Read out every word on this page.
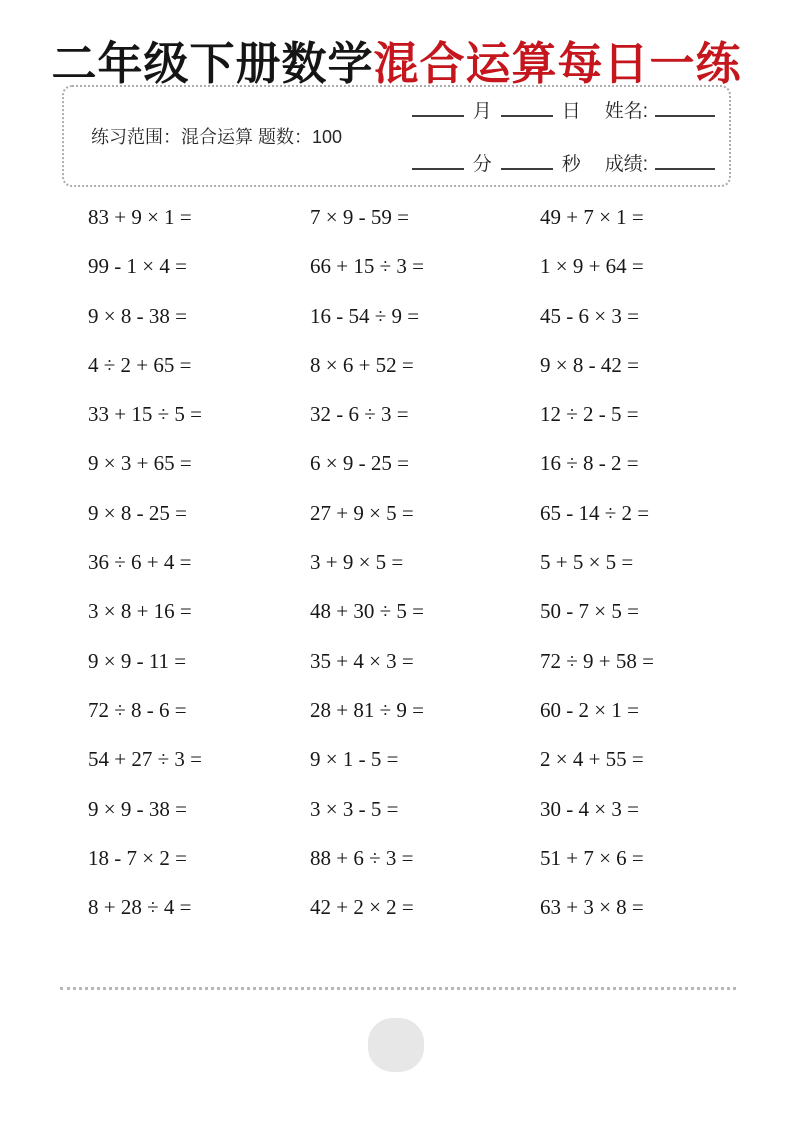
二年级下册数学混合运算每日一练
练习范围：混合运算 题数：100
月	日 姓名:
分	秒 成绩:
83 + 9 × 1 =	7 × 9 - 59 =	49 + 7 × 1 =
99 - 1 × 4 =	66 + 15 ÷ 3 =	1 × 9 + 64 =
9 × 8 - 38 =	16 - 54 ÷ 9 =	45 - 6 × 3 =
4 ÷ 2 + 65 =	8 × 6 + 52 =	9 × 8 - 42 =
33 + 15 ÷ 5 =	32 - 6 ÷ 3 =	12 ÷ 2 - 5 =
9 × 3 + 65 =	6 × 9 - 25 =	16 ÷ 8 - 2 =
9 × 8 - 25 =	27 + 9 × 5 =	65 - 14 ÷ 2 =
36 ÷ 6 + 4 =	3 + 9 × 5 =	5 + 5 × 5 =
3 × 8 + 16 =	48 + 30 ÷ 5 =	50 - 7 × 5 =
9 × 9 - 11 =	35 + 4 × 3 =	72 ÷ 9 + 58 =
72 ÷ 8 - 6 =	28 + 81 ÷ 9 =	60 - 2 × 1 =
54 + 27 ÷ 3 =	9 × 1 - 5 =	2 × 4 + 55 =
9 × 9 - 38 =	3 × 3 - 5 =	30 - 4 × 3 =
18 - 7 × 2 =	88 + 6 ÷ 3 =	51 + 7 × 6 =
8 + 28 ÷ 4 =	42 + 2 × 2 =	63 + 3 × 8 =
